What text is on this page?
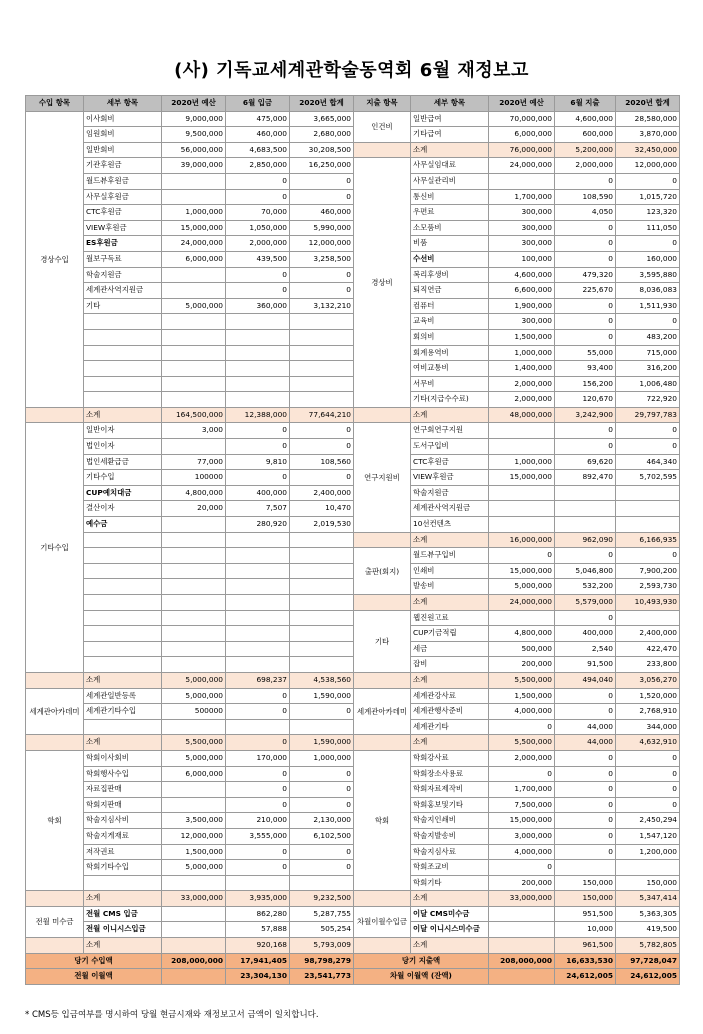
(사) 기독교세계관학술동역회 6월 재정보고
수입 항목	세부 항목	2020년 예산	6월 입금	2020년 합계	지출 항목	세부 항목	2020년 예산	6월 지출	2020년 합계
경상수입	이사회비	9,000,000	475,000	3,665,000	인건비	일반급여	70,000,000	4,600,000	28,580,000
	임원회비	9,500,000	460,000	2,680,000		기타급여	6,000,000	600,000	3,870,000
	일반회비	56,000,000	4,683,500	30,208,500		소계	76,000,000	5,200,000	32,450,000
	기관후원금	39,000,000	2,850,000	16,250,000	경상비	사무실임대료	24,000,000	2,000,000	12,000,000
	월드뷰후원금		0	0		사무실관리비		0	0
	사무실후원금		0	0		통신비	1,700,000	108,590	1,015,720
	CTC후원금	1,000,000	70,000	460,000		우편료	300,000	4,050	123,320
	VIEW후원금	15,000,000	1,050,000	5,990,000		소모품비	300,000	0	111,050
	ES후원금	24,000,000	2,000,000	12,000,000		비품	300,000	0	0
	월보구독료	6,000,000	439,500	3,258,500		수선비	100,000	0	160,000
	학술지원금		0	0		복리후생비	4,600,000	479,320	3,595,880
	세계관사역지원금		0	0		퇴직연금	6,600,000	225,670	8,036,083
	기타	5,000,000	360,000	3,132,210		컴퓨터	1,900,000	0	1,511,930
						교육비	300,000	0	0
						회의비	1,500,000	0	483,200
						회계용역비	1,000,000	55,000	715,000
						여비교통비	1,400,000	93,400	316,200
						서무비	2,000,000	156,200	1,006,480
						기타(지급수수료)	2,000,000	120,670	722,920
	소계	164,500,000	12,388,000	77,644,210		소계	48,000,000	3,242,900	29,797,783
기타수입	일반이자	3,000	0	0	연구지원비	연구회연구지원		0	0
	법인이자		0	0		도서구입비		0	0
	법인세환급금	77,000	9,810	108,560		CTC후원금	1,000,000	69,620	464,340
	기타수입	100000	0	0		VIEW후원금	15,000,000	892,470	5,702,595
	CUP예치대금	4,800,000	400,000	2,400,000		학술지원금			
	결산이자	20,000	7,507	10,470		세계관사역지원금			
	예수금		280,920	2,019,530		10선컨텐츠			
						소계	16,000,000	962,090	6,166,935
					출판(회지)	월드뷰구입비	0	0	0
						인쇄비	15,000,000	5,046,800	7,900,200
						발송비	5,000,000	532,200	2,593,730
						소계	24,000,000	5,579,000	10,493,930
					기타	웹진원고료		0	
						CUP기금적립	4,800,000	400,000	2,400,000
						세금	500,000	2,540	422,470
						잡비	200,000	91,500	233,800
	소계	5,000,000	698,237	4,538,560		소계	5,500,000	494,040	3,056,270
세계관아카데미	세계관일반등록	5,000,000	0	1,590,000	세계관아카데미	세계관강사료	1,500,000	0	1,520,000
	세계관기타수입	500000	0	0		세계관행사준비	4,000,000	0	2,768,910
						세계관기타	0	44,000	344,000
	소계	5,500,000	0	1,590,000		소계	5,500,000	44,000	4,632,910
학회	학회이사회비	5,000,000	170,000	1,000,000	학회	학회강사료	2,000,000	0	0
	학회행사수입	6,000,000	0	0		학회장소사용료	0	0	0
	자료집판매		0	0		학회자료제작비	1,700,000	0	0
	학회지판매		0	0		학회홍보및기타	7,500,000	0	0
	학술지심사비	3,500,000	210,000	2,130,000		학술지인쇄비	15,000,000	0	2,450,294
	학술지게재료	12,000,000	3,555,000	6,102,500		학술지발송비	3,000,000	0	1,547,120
	저작권료	1,500,000	0	0		학술지심사료	4,000,000	0	1,200,000
	학회기타수입	5,000,000	0	0		학회조교비	0		
						학회기타	200,000	150,000	150,000
	소계	33,000,000	3,935,000	9,232,500		소계	33,000,000	150,000	5,347,414
전월 미수금	전월 CMS 입금		862,280	5,287,755	차월이월수입금	이달 CMS미수금		951,500	5,363,305
	전월 이니시스입금		57,888	505,254		이달 이니시스미수금		10,000	419,500
	소계		920,168	5,793,009		소계		961,500	5,782,805
당기 수입액		208,000,000	17,941,405	98,798,279	당기 지출액		208,000,000	16,633,530	97,728,047
전월 이월액			23,304,130	23,541,773	차월 이월액 (잔액)			24,612,005	24,612,005
* CMS등 입금여부를 명시하여 당월 현금시재와 재정보고서 금액이 일치합니다.
